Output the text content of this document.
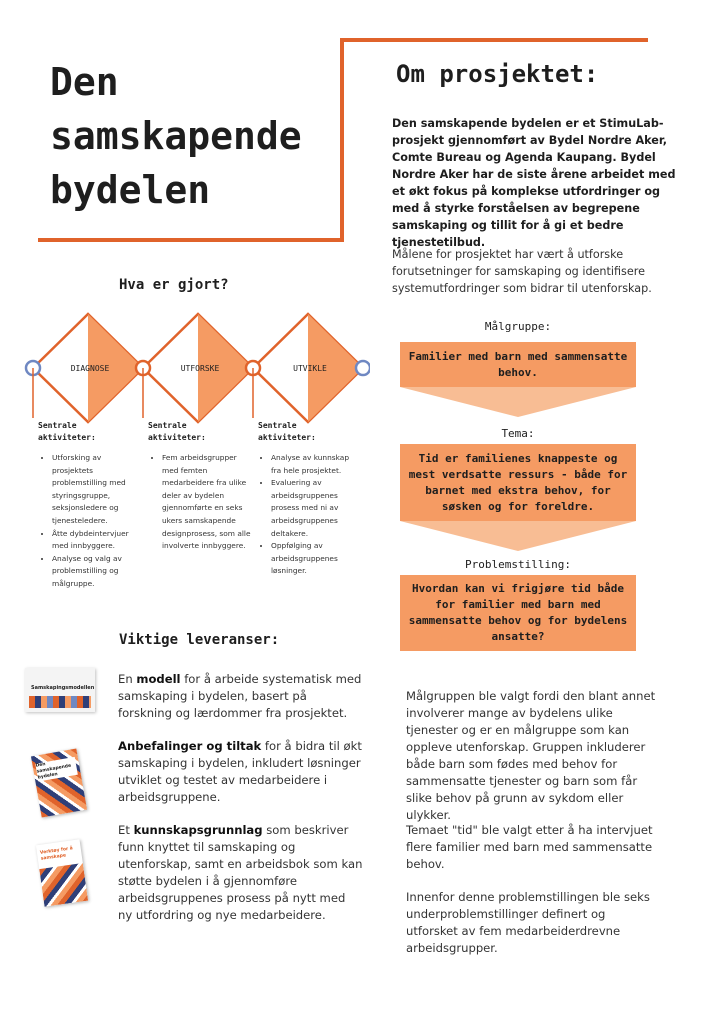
Den
samskapende
bydelen
Om prosjektet:
Den samskapende bydelen er et StimuLab-prosjekt gjennomført av Bydel Nordre Aker, Comte Bureau og Agenda Kaupang. Bydel Nordre Aker har de siste årene arbeidet med et økt fokus på komplekse utfordringer og med å styrke forståelsen av begrepene samskaping og tillit for å gi et bedre tjenestetilbud.
Målene for prosjektet har vært å utforske forutsetninger for samskaping og identifisere systemutfordringer som bidrar til utenforskap.
Hva er gjort?
DIAGNOSE	UTFORSKE	UTVIKLE
Sentrale aktiviteter:
Sentrale aktiviteter:
Sentrale aktiviteter:
• Utforsking av prosjektets problemstilling med styringsgruppe, seksjonsledere og tjenesteledere.
• Åtte dybdeintervjuer med innbyggere.
• Analyse og valg av problemstilling og målgruppe.
• Fem arbeidsgrupper med femten medarbeidere fra ulike deler av bydelen gjennomførte en seks ukers samskapende designprosess, som alle involverte innbyggere.
• Analyse av kunnskap fra hele prosjektet.
• Evaluering av arbeidsgruppenes prosess med ni av arbeidsgruppenes deltakere.
• Oppfølging av arbeidsgruppenes løsninger.
Målgruppe:
Familier med barn med sammensatte behov.
Tema:
Tid er familienes knappeste og mest verdsatte ressurs - både for barnet med ekstra behov, for søsken og for foreldre.
Problemstilling:
Hvordan kan vi frigjøre tid både for familier med barn med sammensatte behov og for bydelens ansatte?
Viktige leveranser:
Samskapingsmodellen
En modell for å arbeide systematisk med samskaping i bydelen, basert på forskning og lærdommer fra prosjektet.
Den samskapende bydelen
Anbefalinger og tiltak for å bidra til økt samskaping i bydelen, inkludert løsninger utviklet og testet av medarbeidere i arbeidsgruppene.
Verktøy for å samskape
Et kunnskapsgrunnlag som beskriver funn knyttet til samskaping og utenforskap, samt en arbeidsbok som kan støtte bydelen i å gjennomføre arbeidsgruppenes prosess på nytt med ny utfordring og nye medarbeidere.
Målgruppen ble valgt fordi den blant annet involverer mange av bydelens ulike tjenester og er en målgruppe som kan oppleve utenforskap. Gruppen inkluderer både barn som fødes med behov for sammensatte tjenester og barn som får slike behov på grunn av sykdom eller ulykker.
Temaet "tid" ble valgt etter å ha intervjuet flere familier med barn med sammensatte behov.
Innenfor denne problemstillingen ble seks underproblemstillinger definert og utforsket av fem medarbeiderdrevne arbeidsgrupper.
